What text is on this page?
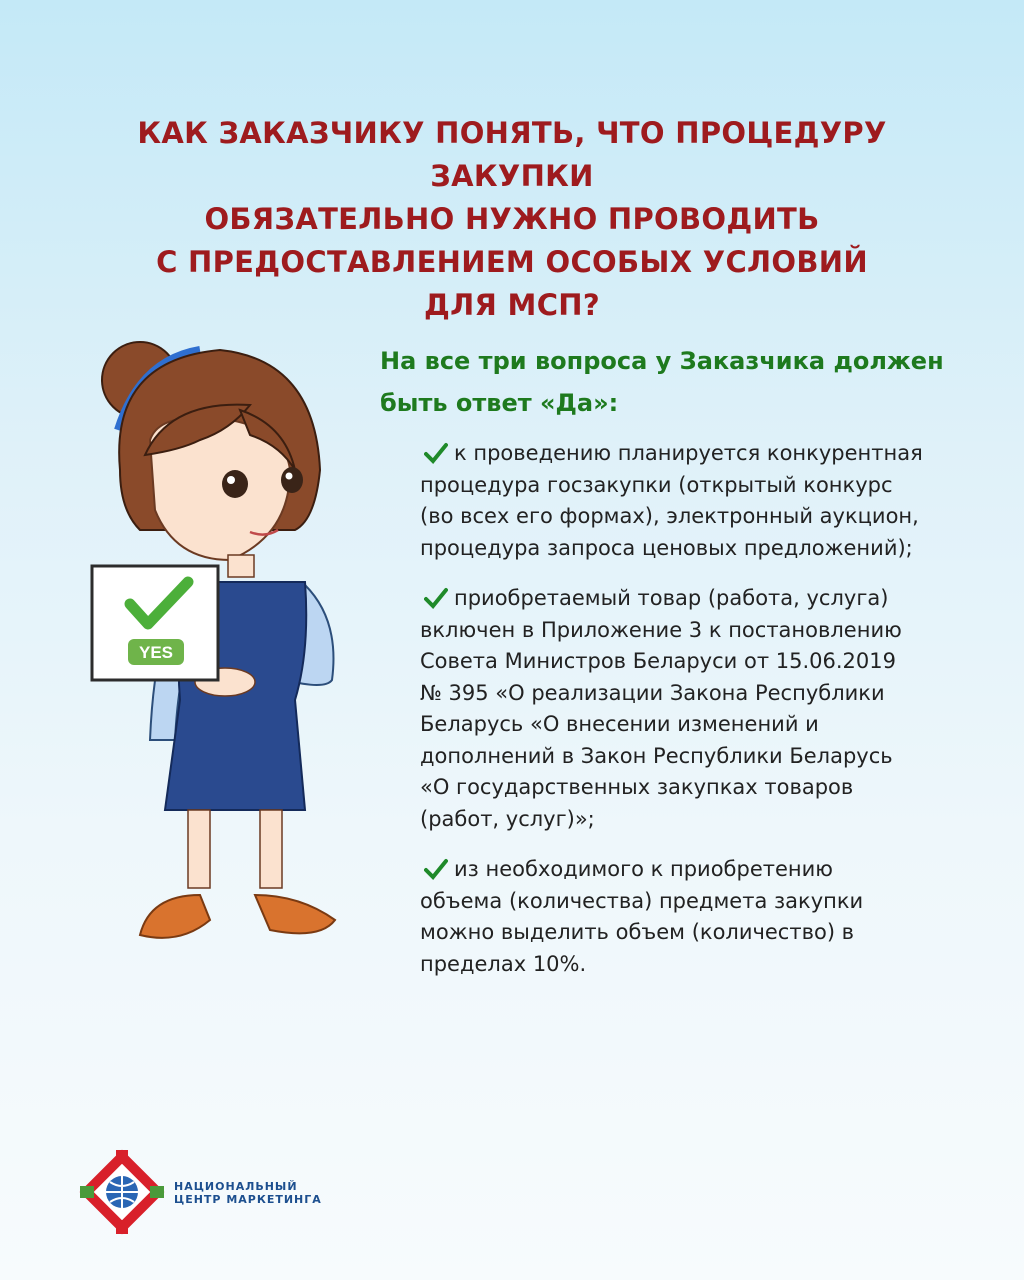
КАК ЗАКАЗЧИКУ ПОНЯТЬ, ЧТО ПРОЦЕДУРУ ЗАКУПКИ
ОБЯЗАТЕЛЬНО НУЖНО ПРОВОДИТЬ
С ПРЕДОСТАВЛЕНИЕМ ОСОБЫХ УСЛОВИЙ
ДЛЯ МСП?
YES
На все три вопроса у Заказчика должен
быть ответ «Да»:
к проведению планируется конкурентная
процедура госзакупки (открытый конкурс
(во всех его формах), электронный аукцион,
процедура запроса ценовых предложений);
приобретаемый товар (работа, услуга)
включен в Приложение 3 к постановлению
Совета Министров Беларуси от 15.06.2019
№ 395 «О реализации Закона Республики
Беларусь «О внесении изменений и
дополнений в Закон Республики Беларусь
«О государственных закупках товаров
(работ, услуг)»;
из необходимого к приобретению
объема (количества) предмета закупки
можно выделить объем (количество) в
пределах 10%.
НАЦИОНАЛЬНЫЙ
ЦЕНТР МАРКЕТИНГА
